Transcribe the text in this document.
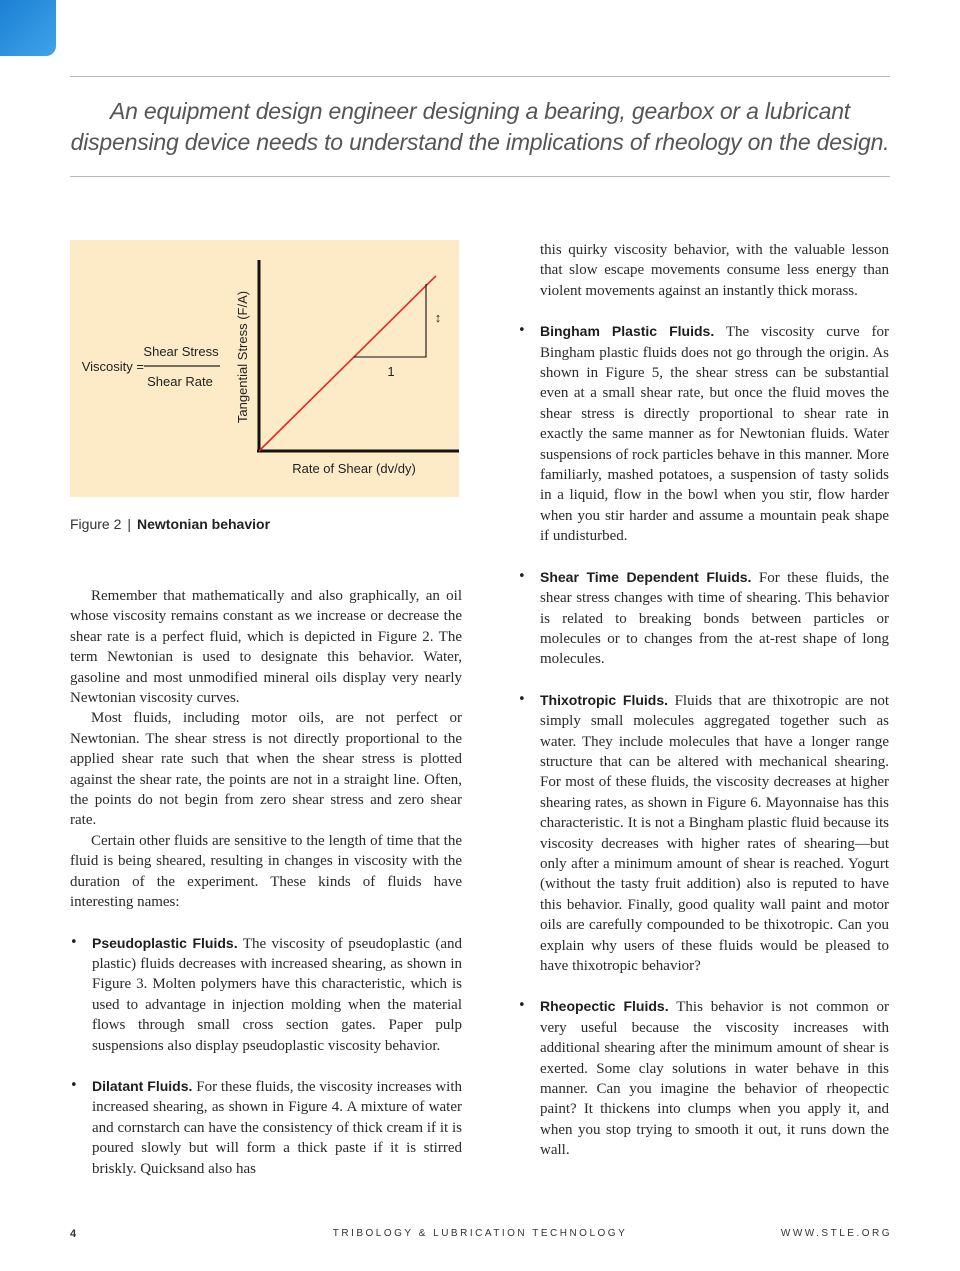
An equipment design engineer designing a bearing, gearbox or a lubricant dispensing device needs to understand the implications of rheology on the design.

Viscosity =
Shear Stress
Shear Rate Tangential Stress (F/A)	1
↕
Rate of Shear (dv/dy)
Figure 2 | Newtonian behavior

Remember that mathematically and also graphically, an oil whose viscosity remains constant as we increase or decrease the shear rate is a perfect fluid, which is depicted in Figure 2. The term Newtonian is used to designate this behavior. Water, gasoline and most unmodified mineral oils display very nearly Newtonian viscosity curves.

Most fluids, including motor oils, are not perfect or Newtonian. The shear stress is not directly proportional to the applied shear rate such that when the shear stress is plotted against the shear rate, the points are not in a straight line. Often, the points do not begin from zero shear stress and zero shear rate.

Certain other fluids are sensitive to the length of time that the fluid is being sheared, resulting in changes in viscosity with the duration of the experiment. These kinds of fluids have interesting names:

• Pseudoplastic Fluids. The viscosity of pseudoplastic (and plastic) fluids decreases with increased shearing, as shown in Figure 3. Molten polymers have this characteristic, which is used to advantage in injection molding when the material flows through small cross section gates. Paper pulp suspensions also display pseudoplastic viscosity behavior.
• Dilatant Fluids. For these fluids, the viscosity increases with increased shearing, as shown in Figure 4. A mixture of water and cornstarch can have the consistency of thick cream if it is poured slowly but will form a thick paste if it is stirred briskly. Quicksand also has

this quirky viscosity behavior, with the valuable lesson that slow escape movements consume less energy than violent movements against an instantly thick morass.

• Bingham Plastic Fluids. The viscosity curve for Bingham plastic fluids does not go through the origin. As shown in Figure 5, the shear stress can be substantial even at a small shear rate, but once the fluid moves the shear stress is directly proportional to shear rate in exactly the same manner as for Newtonian fluids. Water suspensions of rock particles behave in this manner. More familiarly, mashed potatoes, a suspension of tasty solids in a liquid, flow in the bowl when you stir, flow harder when you stir harder and assume a mountain peak shape if undisturbed.
• Shear Time Dependent Fluids. For these fluids, the shear stress changes with time of shearing. This behavior is related to breaking bonds between particles or molecules or to changes from the at-rest shape of long molecules.
• Thixotropic Fluids. Fluids that are thixotropic are not simply small molecules aggregated together such as water. They include molecules that have a longer range structure that can be altered with mechanical shearing. For most of these fluids, the viscosity decreases at higher shearing rates, as shown in Figure 6. Mayonnaise has this characteristic. It is not a Bingham plastic fluid because its viscosity decreases with higher rates of shearing—but only after a minimum amount of shear is reached. Yogurt (without the tasty fruit addition) also is reputed to have this behavior. Finally, good quality wall paint and motor oils are carefully compounded to be thixotropic. Can you explain why users of these fluids would be pleased to have thixotropic behavior?
• Rheopectic Fluids. This behavior is not common or very useful because the viscosity increases with additional shearing after the minimum amount of shear is exerted. Some clay solutions in water behave in this manner. Can you imagine the behavior of rheopectic paint? It thickens into clumps when you apply it, and when you stop trying to smooth it out, it runs down the wall.
4	TRIBOLOGY & LUBRICATION TECHNOLOGY	WWW.STLE.ORG
